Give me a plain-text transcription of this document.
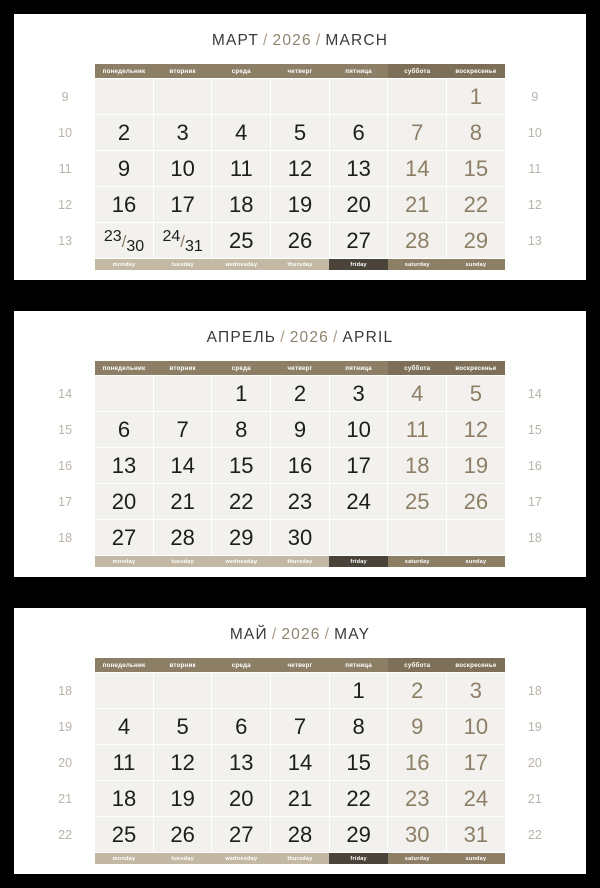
МАРТ / 2026 / MARCH
	понедельник	вторник	среда	четверг	пятница	суббота	воскресенье	
9							1	9
10	2	3	4	5	6	7	8	10
11	9	10	11	12	13	14	15	11
12	16	17	18	19	20	21	22	12
13	23/30	24/31	25	26	27	28	29	13
	monday	tuesday	wednesday	thursday	friday	saturday	sunday	
АПРЕЛЬ / 2026 / APRIL
	понедельник	вторник	среда	четверг	пятница	суббота	воскресенье	
14			1	2	3	4	5	14
15	6	7	8	9	10	11	12	15
16	13	14	15	16	17	18	19	16
17	20	21	22	23	24	25	26	17
18	27	28	29	30				18
	monday	tuesday	wednesday	thursday	friday	saturday	sunday	
МАЙ / 2026 / MAY
	понедельник	вторник	среда	четверг	пятница	суббота	воскресенье	
18					1	2	3	18
19	4	5	6	7	8	9	10	19
20	11	12	13	14	15	16	17	20
21	18	19	20	21	22	23	24	21
22	25	26	27	28	29	30	31	22
	monday	tuesday	wednesday	thursday	friday	saturday	sunday	
